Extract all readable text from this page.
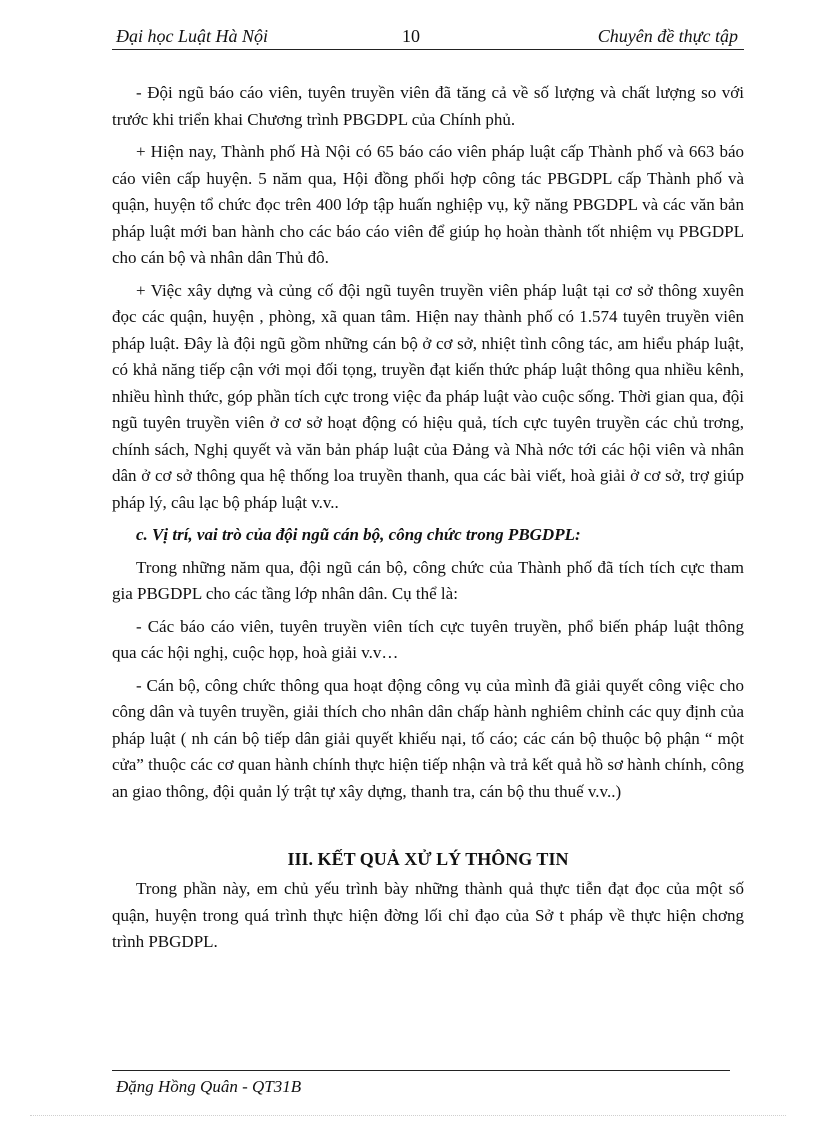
Đại học Luật Hà Nội	10	Chuyên đề thực tập

- Đội ngũ báo cáo viên, tuyên truyền viên đã tăng cả về số lượng và chất lượng so với trước khi triển khai Chương trình PBGDPL của Chính phủ.

+ Hiện nay, Thành phố Hà Nội có 65 báo cáo viên pháp luật cấp Thành phố và 663 báo cáo viên cấp huyện. 5 năm qua, Hội đồng phối hợp công tác PBGDPL cấp Thành phố và quận, huyện tổ chức đọc trên 400 lớp tập huấn nghiệp vụ, kỹ năng PBGDPL và các văn bản pháp luật mới ban hành cho các báo cáo viên để giúp họ hoàn thành tốt nhiệm vụ PBGDPL cho cán bộ và nhân dân Thủ đô.

+ Việc xây dựng và củng cố đội ngũ tuyên truyền viên pháp luật tại cơ sở thông xuyên đọc các quận, huyện , phòng, xã quan tâm. Hiện nay thành phố có 1.574 tuyên truyền viên pháp luật. Đây là đội ngũ gồm những cán bộ ở cơ sở, nhiệt tình công tác, am hiểu pháp luật, có khả năng tiếp cận với mọi đối tọng, truyền đạt kiến thức pháp luật thông qua nhiều kênh, nhiều hình thức, góp phần tích cực trong việc đa pháp luật vào cuộc sống. Thời gian qua, đội ngũ tuyên truyền viên ở cơ sở hoạt động có hiệu quả, tích cực tuyên truyền các chủ trơng, chính sách, Nghị quyết và văn bản pháp luật của Đảng và Nhà nớc tới các hội viên và nhân dân ở cơ sở thông qua hệ thống loa truyền thanh, qua các bài viết, hoà giải ở cơ sở, trợ giúp pháp lý, câu lạc bộ pháp luật v.v..

c. Vị trí, vai trò của đội ngũ cán bộ, công chức trong PBGDPL:

Trong những năm qua, đội ngũ cán bộ, công chức của Thành phố đã tích tích cực tham gia PBGDPL cho các tầng lớp nhân dân. Cụ thể là:

- Các báo cáo viên, tuyên truyền viên tích cực tuyên truyền, phổ biến pháp luật thông qua các hội nghị, cuộc họp, hoà giải v.v…

- Cán bộ, công chức thông qua hoạt động công vụ của mình đã giải quyết công việc cho công dân và tuyên truyền, giải thích cho nhân dân chấp hành nghiêm chỉnh các quy định của pháp luật ( nh cán bộ tiếp dân giải quyết khiếu nại, tố cáo; các cán bộ thuộc bộ phận “ một cửa” thuộc các cơ quan hành chính thực hiện tiếp nhận và trả kết quả hồ sơ hành chính, công an giao thông, đội quản lý trật tự xây dựng, thanh tra, cán bộ thu thuế v.v..)

III. KẾT QUẢ XỬ LÝ THÔNG TIN

Trong phần này, em chủ yếu trình bày những thành quả thực tiễn đạt đọc của một số quận, huyện trong quá trình thực hiện đờng lối chỉ đạo của Sở t pháp về thực hiện chơng trình PBGDPL.

Đặng Hồng Quân - QT31B
